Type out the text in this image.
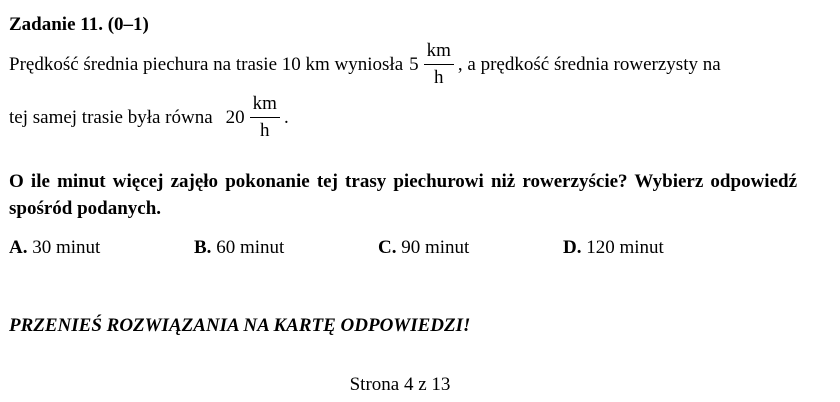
Zadanie 11. (0–1)
Prędkość średnia piechura na trasie 10 km wyniosła $5 \frac{km}{h}$ , a prędkość średnia rowerzysty na
tej samej trasie była równa $20 \frac{km}{h}$ .
O ile minut więcej zajęło pokonanie tej trasy piechurowi niż rowerzyście? Wybierz odpowiedź spośród podanych.
A. 30 minut	B. 60 minut	C. 90 minut	D. 120 minut
PRZENIEŚ ROZWIĄZANIA NA KARTĘ ODPOWIEDZI!
Strona 4 z 13
